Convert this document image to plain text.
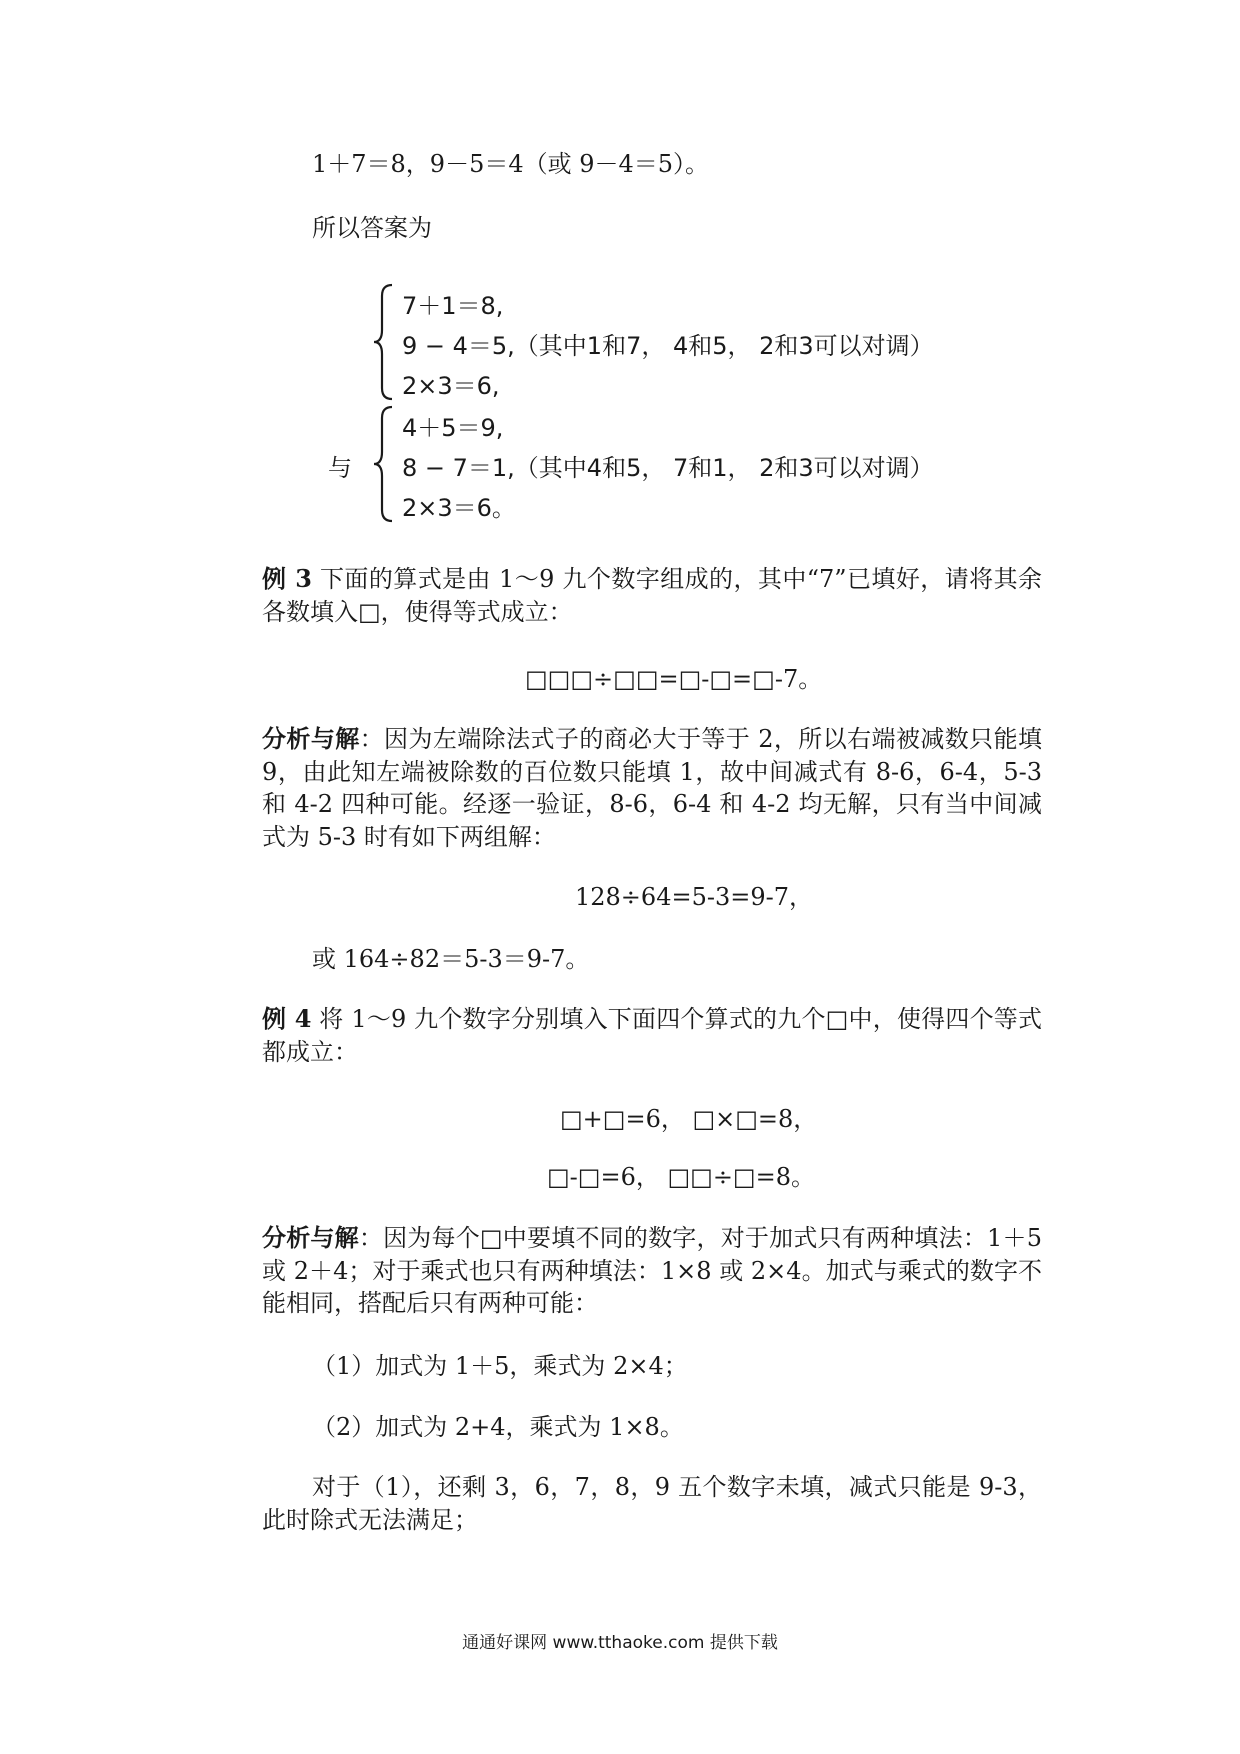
1＋7＝8，9－5＝4（或 9－4＝5）。
所以答案为
7＋1＝8,
9 − 4＝5,（其中1和7， 4和5， 2和3可以对调）
2×3＝6,
与
4＋5＝9,
8 − 7＝1,（其中4和5， 7和1， 2和3可以对调）
2×3＝6。
例 3 下面的算式是由 1～9 九个数字组成的，其中“7”已填好，请将其余各数填入□，使得等式成立：
□□□÷□□=□-□=□-7。
分析与解：因为左端除法式子的商必大于等于 2，所以右端被减数只能填 9，由此知左端被除数的百位数只能填 1，故中间减式有 8-6，6-4，5-3 和 4-2 四种可能。经逐一验证，8-6，6-4 和 4-2 均无解，只有当中间减式为 5-3 时有如下两组解：
128÷64=5-3=9-7，
或 164÷82＝5-3＝9-7。
例 4 将 1～9 九个数字分别填入下面四个算式的九个□中，使得四个等式都成立：
□+□=6， □×□=8，
□-□=6， □□÷□=8。
分析与解：因为每个□中要填不同的数字，对于加式只有两种填法：1＋5 或 2＋4；对于乘式也只有两种填法：1×8 或 2×4。加式与乘式的数字不能相同，搭配后只有两种可能：
（1）加式为 1＋5，乘式为 2×4；
（2）加式为 2+4，乘式为 1×8。
对于（1），还剩 3，6，7，8，9 五个数字未填，减式只能是 9-3，此时除式无法满足；
通通好课网 www.tthaoke.com 提供下载
